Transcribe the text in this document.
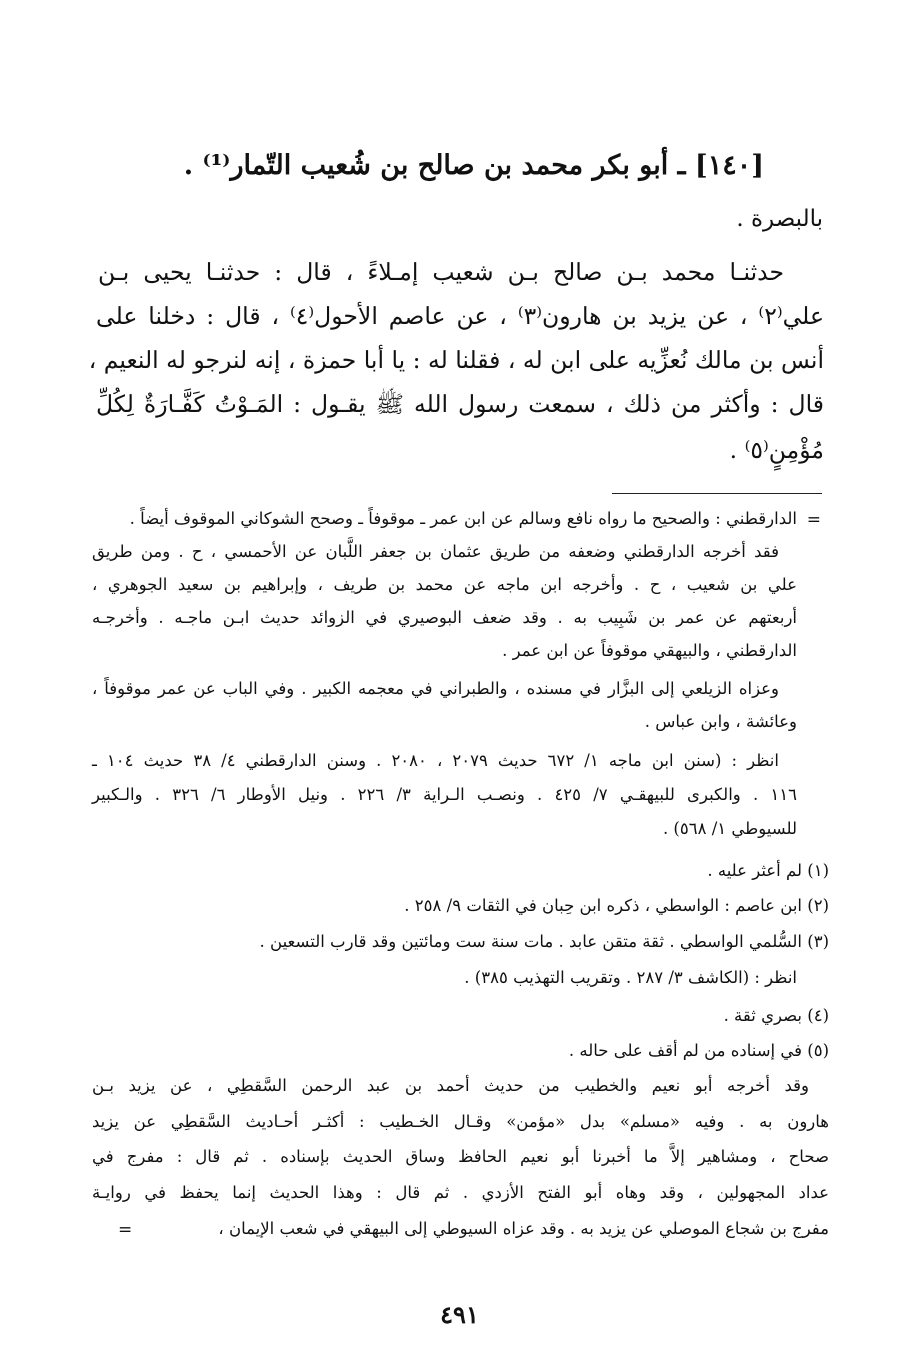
[١٤٠] ـ أبو بكر محمد بن صالح بن شُعيب التّمار⁽¹⁾ .
بالبصرة .
حدثنـا محمد بـن صالح بـن شعيب إمـلاءً ، قال : حدثنـا يحيى بـن
علي⁽٢⁾ ، عن يزيد بن هارون⁽٣⁾ ، عن عاصم الأحول⁽٤⁾ ، قال : دخلنا على
أنس بن مالك نُعزِّيه على ابن له ، فقلنا له : يا أبا حمزة ، إنه لنرجو له النعيم ،
قال : وأكثر من ذلك ، سمعت رسول الله ﷺ يقـول : المَـوْتُ كَفَّـارَةٌ لِكُلِّ
مُؤْمِنٍ⁽٥⁾ .
=
الدارقطني : والصحيح ما رواه نافع وسالم عن ابن عمر ـ موقوفاً ـ وصحح الشوكاني الموقوف أيضاً .
فقد أخرجه الدارقطني وضعفه من طريق عثمان بن جعفر اللَّبان عن الأحمسي ، ح . ومن طريق
علي بن شعيب ، ح . وأخرجه ابن ماجه عن محمد بن طريف ، وإبراهيم بن سعيد الجوهري ،
أربعتهم عن عمر بن شَبِيب به . وقد ضعف البوصيري في الزوائد حديث ابـن ماجـه . وأخرجـه
الدارقطني ، والبيهقي موقوفاً عن ابن عمر .
وعزاه الزيلعي إلى البزَّار في مسنده ، والطبراني في معجمه الكبير . وفي الباب عن عمر موقوفاً ،
وعائشة ، وابن عباس .
انظر : (سنن ابن ماجه ١/ ٦٧٢ حديث ٢٠٧٩ ، ٢٠٨٠ . وسنن الدارقطني ٤/ ٣٨ حديث ١٠٤ ـ
١١٦ . والكبرى للبيهقـي ٧/ ٤٢٥ . ونصـب الـراية ٣/ ٢٢٦ . ونيل الأوطار ٦/ ٣٢٦ . والـكبير
للسيوطي ١/ ٥٦٨) .
(١) لم أعثر عليه .
(٢) ابن عاصم : الواسطي ، ذكره ابن حِبان في الثقات ٩/ ٢٥٨ .
(٣) السُّلمي الواسطي . ثقة متقن عابد . مات سنة ست ومائتين وقد قارب التسعين .
انظر : (الكاشف ٣/ ٢٨٧ . وتقريب التهذيب ٣٨٥) .
(٤) بصري ثقة .
(٥) في إسناده من لم أقف على حاله .
وقد أخرجه أبو نعيم والخطيب من حديث أحمد بن عبد الرحمن السَّقطِي ، عن يزيد بـن
هارون به . وفيه «مسلم» بدل «مؤمن» وقـال الخـطيب : أكثـر أحـاديث السَّقطِي عن يزيد
صحاح ، ومشاهير إلاَّ ما أخبرنا أبو نعيم الحافظ وساق الحديث بإسناده . ثم قال : مفرج في
عداد المجهولين ، وقد وهاه أبو الفتح الأزدي . ثم قال : وهذا الحديث إنما يحفظ في روايـة
مفرج بن شجاع الموصلي عن يزيد به . وقد عزاه السيوطي إلى البيهقي في شعب الإيمان ،
=
٤٩١
